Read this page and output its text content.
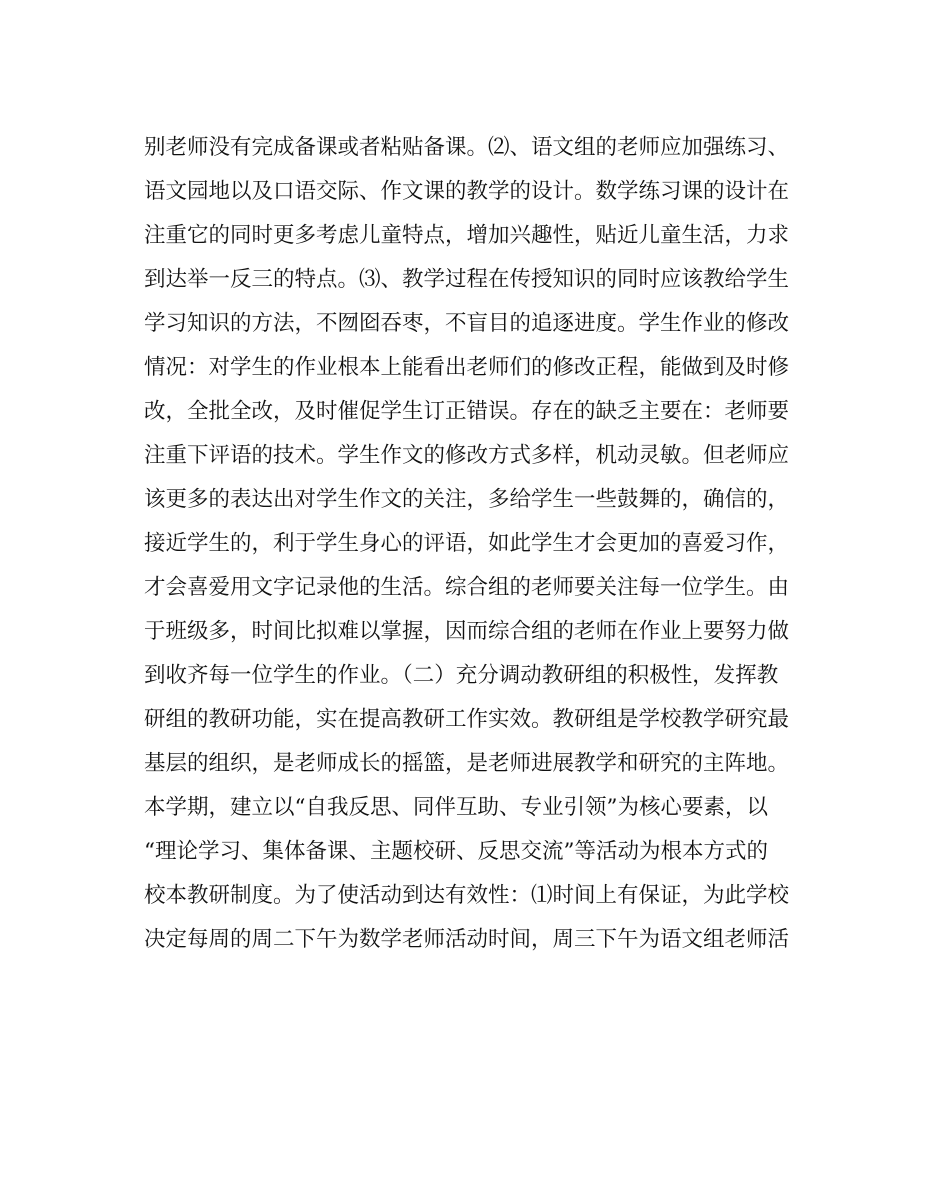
别老师没有完成备课或者粘贴备课。⑵、语文组的老师应加强练习、
语文园地以及口语交际、作文课的教学的设计。数学练习课的设计在
注重它的同时更多考虑儿童特点，增加兴趣性，贴近儿童生活，力求
到达举一反三的特点。⑶、教学过程在传授知识的同时应该教给学生
学习知识的方法，不囫囵吞枣，不盲目的追逐进度。学生作业的修改
情况：对学生的作业根本上能看出老师们的修改正程，能做到及时修
改，全批全改，及时催促学生订正错误。存在的缺乏主要在：老师要
注重下评语的技术。学生作文的修改方式多样，机动灵敏。但老师应
该更多的表达出对学生作文的关注，多给学生一些鼓舞的，确信的，
接近学生的，利于学生身心的评语，如此学生才会更加的喜爱习作，
才会喜爱用文字记录他的生活。综合组的老师要关注每一位学生。由
于班级多，时间比拟难以掌握，因而综合组的老师在作业上要努力做
到收齐每一位学生的作业。（二）充分调动教研组的积极性，发挥教
研组的教研功能，实在提高教研工作实效。教研组是学校教学研究最
基层的组织，是老师成长的摇篮，是老师进展教学和研究的主阵地。
本学期，建立以“自我反思、同伴互助、专业引领”为核心要素，以
“理论学习、集体备课、主题校研、反思交流”等活动为根本方式的
校本教研制度。为了使活动到达有效性：⑴时间上有保证，为此学校
决定每周的周二下午为数学老师活动时间，周三下午为语文组老师活
